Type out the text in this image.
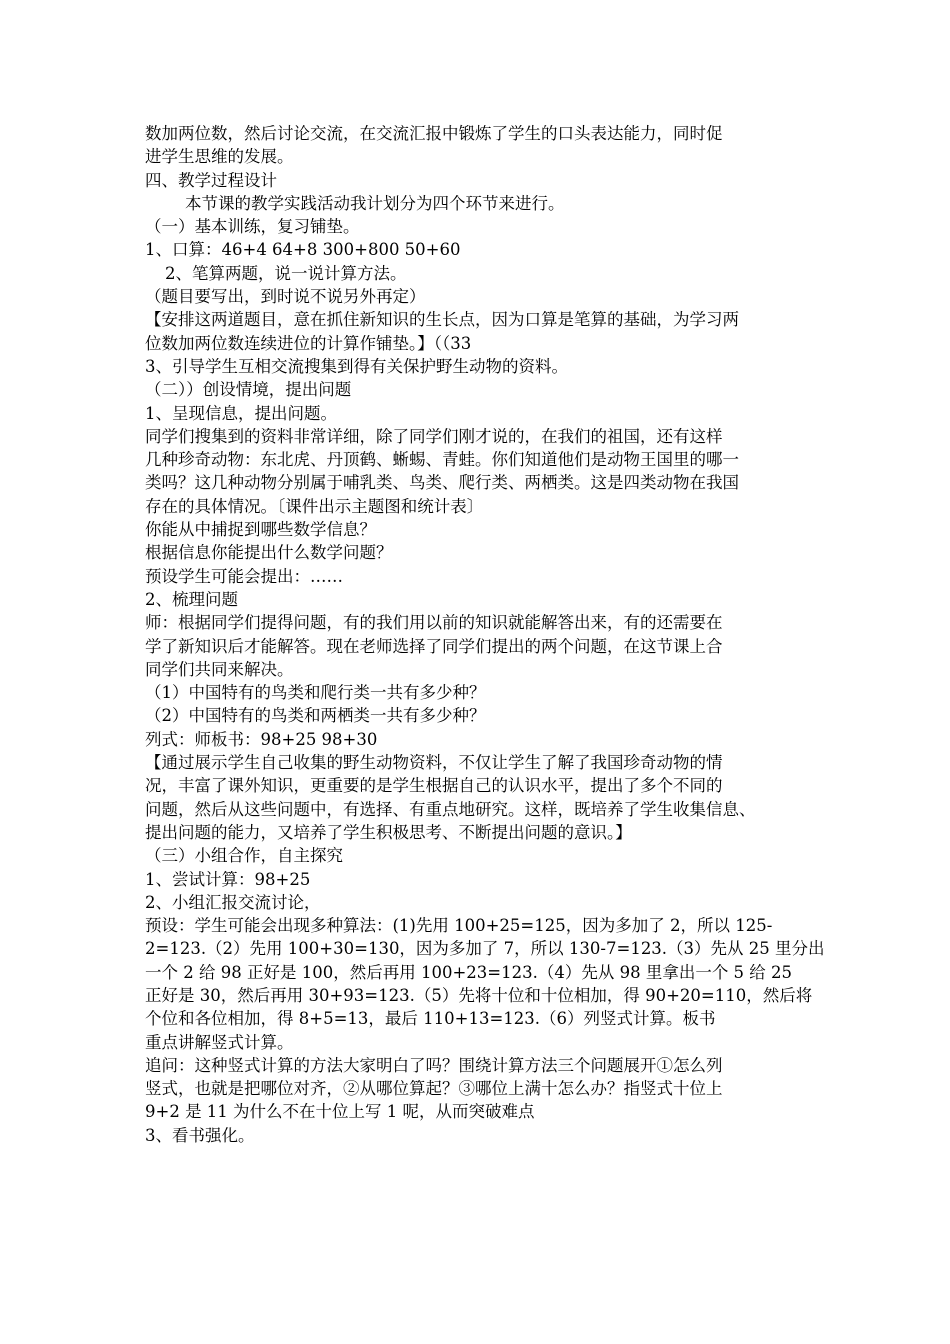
数加两位数，然后讨论交流，在交流汇报中锻炼了学生的口头表达能力，同时促
进学生思维的发展。
四、教学过程设计
本节课的教学实践活动我计划分为四个环节来进行。
（一）基本训练，复习铺垫。
1、口算：46+4 64+8 300+800 50+60
2、笔算两题，说一说计算方法。
（题目要写出，到时说不说另外再定）
【安排这两道题目，意在抓住新知识的生长点，因为口算是笔算的基础，为学习两
位数加两位数连续进位的计算作铺垫。】（（33
3、引导学生互相交流搜集到得有关保护野生动物的资料。
（二））创设情境，提出问题
1、呈现信息，提出问题。
同学们搜集到的资料非常详细，除了同学们刚才说的，在我们的祖国，还有这样
几种珍奇动物：东北虎、丹顶鹤、蜥蜴、青蛙。你们知道他们是动物王国里的哪一
类吗？这几种动物分别属于哺乳类、鸟类、爬行类、两栖类。这是四类动物在我国
存在的具体情况。〔课件出示主题图和统计表〕
你能从中捕捉到哪些数学信息？
根据信息你能提出什么数学问题？
预设学生可能会提出：……
2、梳理问题
师：根据同学们提得问题，有的我们用以前的知识就能解答出来，有的还需要在
学了新知识后才能解答。现在老师选择了同学们提出的两个问题，在这节课上合
同学们共同来解决。
（1）中国特有的鸟类和爬行类一共有多少种？
（2）中国特有的鸟类和两栖类一共有多少种？
列式：师板书：98+25 98+30
【通过展示学生自己收集的野生动物资料，不仅让学生了解了我国珍奇动物的情
况，丰富了课外知识，更重要的是学生根据自己的认识水平，提出了多个不同的
问题，然后从这些问题中，有选择、有重点地研究。这样，既培养了学生收集信息、
提出问题的能力，又培养了学生积极思考、不断提出问题的意识。】
（三）小组合作，自主探究
1、尝试计算：98+25
2、小组汇报交流讨论，
预设：学生可能会出现多种算法：(1)先用 100+25=125，因为多加了 2，所以 125-
2=123.（2）先用 100+30=130，因为多加了 7，所以 130-7=123.（3）先从 25 里分出
一个 2 给 98 正好是 100，然后再用 100+23=123.（4）先从 98 里拿出一个 5 给 25
正好是 30，然后再用 30+93=123.（5）先将十位和十位相加，得 90+20=110，然后将
个位和各位相加，得 8+5=13，最后 110+13=123.（6）列竖式计算。板书
重点讲解竖式计算。
追问：这种竖式计算的方法大家明白了吗？围绕计算方法三个问题展开①怎么列
竖式，也就是把哪位对齐，②从哪位算起？③哪位上满十怎么办？指竖式十位上
9+2 是 11 为什么不在十位上写 1 呢，从而突破难点
3、看书强化。
